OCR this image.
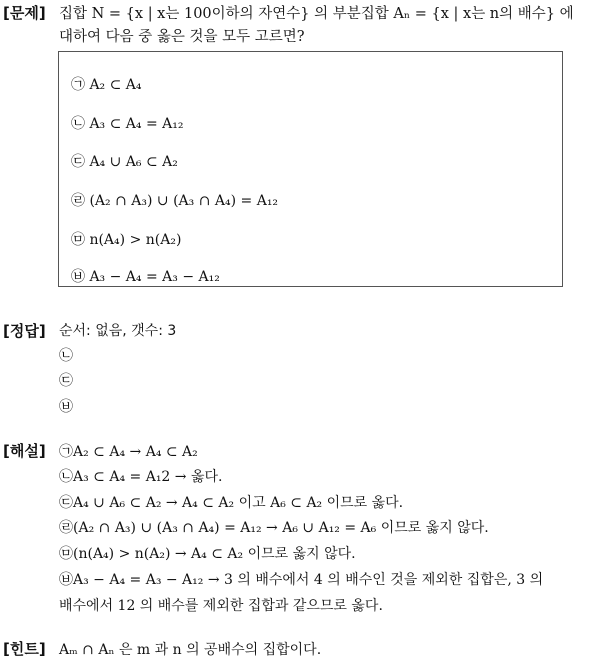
[문제] 집합 N = {x | x는 100이하의 자연수} 의 부분집합 Aₙ = {x | x는 n의 배수} 에
대하여 다음 중 옳은 것을 모두 고르면?
㉠ A₂ ⊂ A₄
㉡ A₃ ⊂ A₄ = A₁₂
㉢ A₄ ∪ A₆ ⊂ A₂
㉣ (A₂ ∩ A₃) ∪ (A₃ ∩ A₄) = A₁₂
㉤ n(A₄) > n(A₂)
㉥ A₃ − A₄ = A₃ − A₁₂
[정답] 순서: 없음, 갯수: 3
㉡
㉢
㉥
[해설] ㉠A₂ ⊂ A₄ → A₄ ⊂ A₂
㉡A₃ ⊂ A₄ = A₁2 → 옳다.
㉢A₄ ∪ A₆ ⊂ A₂ → A₄ ⊂ A₂ 이고 A₆ ⊂ A₂ 이므로 옳다.
㉣(A₂ ∩ A₃) ∪ (A₃ ∩ A₄) = A₁₂ → A₆ ∪ A₁₂ = A₆ 이므로 옳지 않다.
㉤(n(A₄) > n(A₂) → A₄ ⊂ A₂ 이므로 옳지 않다.
㉥A₃ − A₄ = A₃ − A₁₂ → 3 의 배수에서 4 의 배수인 것을 제외한 집합은, 3 의
배수에서 12 의 배수를 제외한 집합과 같으므로 옳다.
[힌트] Aₘ ∩ Aₙ 은 m 과 n 의 공배수의 집합이다.
